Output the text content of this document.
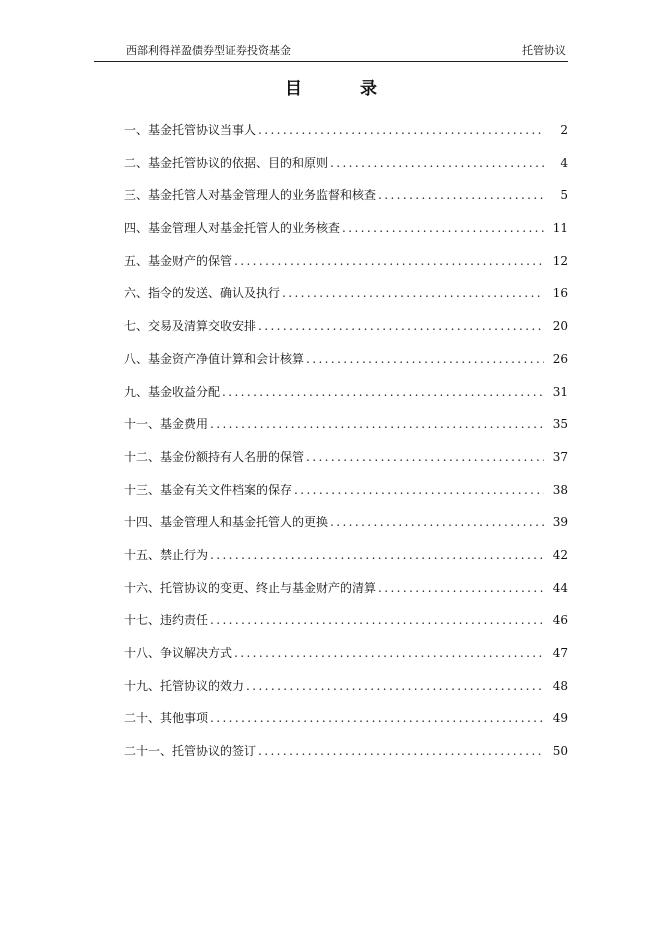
西部利得祥盈债券型证券投资基金	托管协议
目 录
一、基金托管协议当事人 .....	2
二、基金托管协议的依据、目的和原则 .....	4
三、基金托管人对基金管理人的业务监督和核查 .....	5
四、基金管理人对基金托管人的业务核查 .....	11
五、基金财产的保管 .....	12
六、指令的发送、确认及执行 .....	16
七、交易及清算交收安排 .....	20
八、基金资产净值计算和会计核算 .....	26
九、基金收益分配 .....	31
十一、基金费用 .....	35
十二、基金份额持有人名册的保管 .....	37
十三、基金有关文件档案的保存 .....	38
十四、基金管理人和基金托管人的更换 .....	39
十五、禁止行为 .....	42
十六、托管协议的变更、终止与基金财产的清算 .....	44
十七、违约责任 .....	46
十八、争议解决方式 .....	47
十九、托管协议的效力 .....	48
二十、其他事项 .....	49
二十一、托管协议的签订 .....	50
